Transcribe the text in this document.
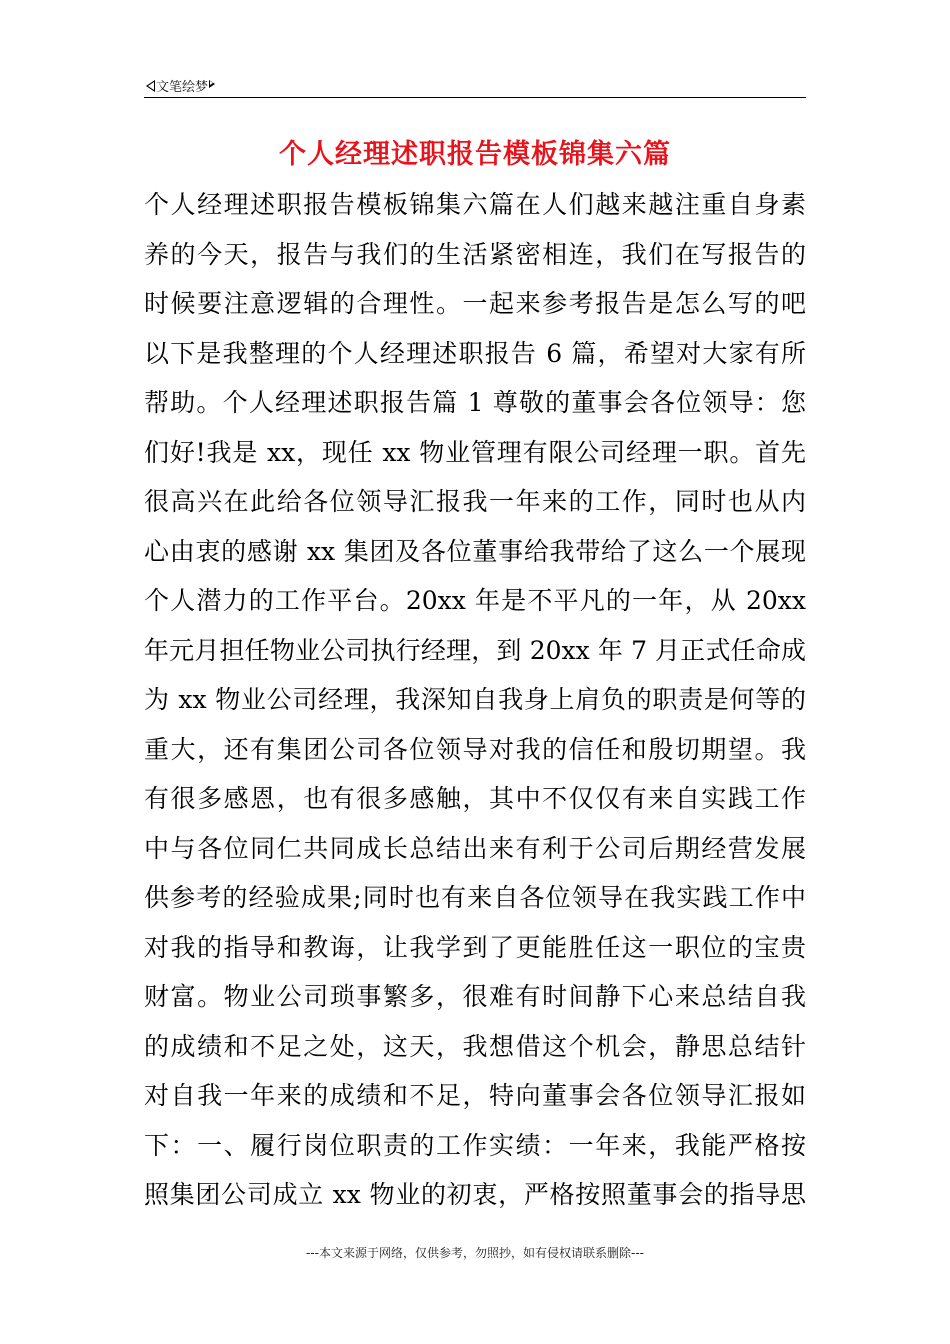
文笔绘梦
个人经理述职报告模板锦集六篇
个人经理述职报告模板锦集六篇在人们越来越注重自身素
养的今天，报告与我们的生活紧密相连，我们在写报告的
时候要注意逻辑的合理性。一起来参考报告是怎么写的吧
以下是我整理的个人经理述职报告 6 篇，希望对大家有所
帮助。个人经理述职报告篇 1 尊敬的董事会各位领导：您
们好!我是 xx，现任 xx 物业管理有限公司经理一职。首先
很高兴在此给各位领导汇报我一年来的工作，同时也从内
心由衷的感谢 xx 集团及各位董事给我带给了这么一个展现
个人潜力的工作平台。20xx 年是不平凡的一年，从 20xx
年元月担任物业公司执行经理，到 20xx 年 7 月正式任命成
为 xx 物业公司经理，我深知自我身上肩负的职责是何等的
重大，还有集团公司各位领导对我的信任和殷切期望。我
有很多感恩，也有很多感触，其中不仅仅有来自实践工作
中与各位同仁共同成长总结出来有利于公司后期经营发展
供参考的经验成果;同时也有来自各位领导在我实践工作中
对我的指导和教诲，让我学到了更能胜任这一职位的宝贵
财富。物业公司琐事繁多，很难有时间静下心来总结自我
的成绩和不足之处，这天，我想借这个机会，静思总结针
对自我一年来的成绩和不足，特向董事会各位领导汇报如
下：一、履行岗位职责的工作实绩：一年来，我能严格按
照集团公司成立 xx 物业的初衷，严格按照董事会的指导思
---本文来源于网络，仅供参考，勿照抄，如有侵权请联系删除---
